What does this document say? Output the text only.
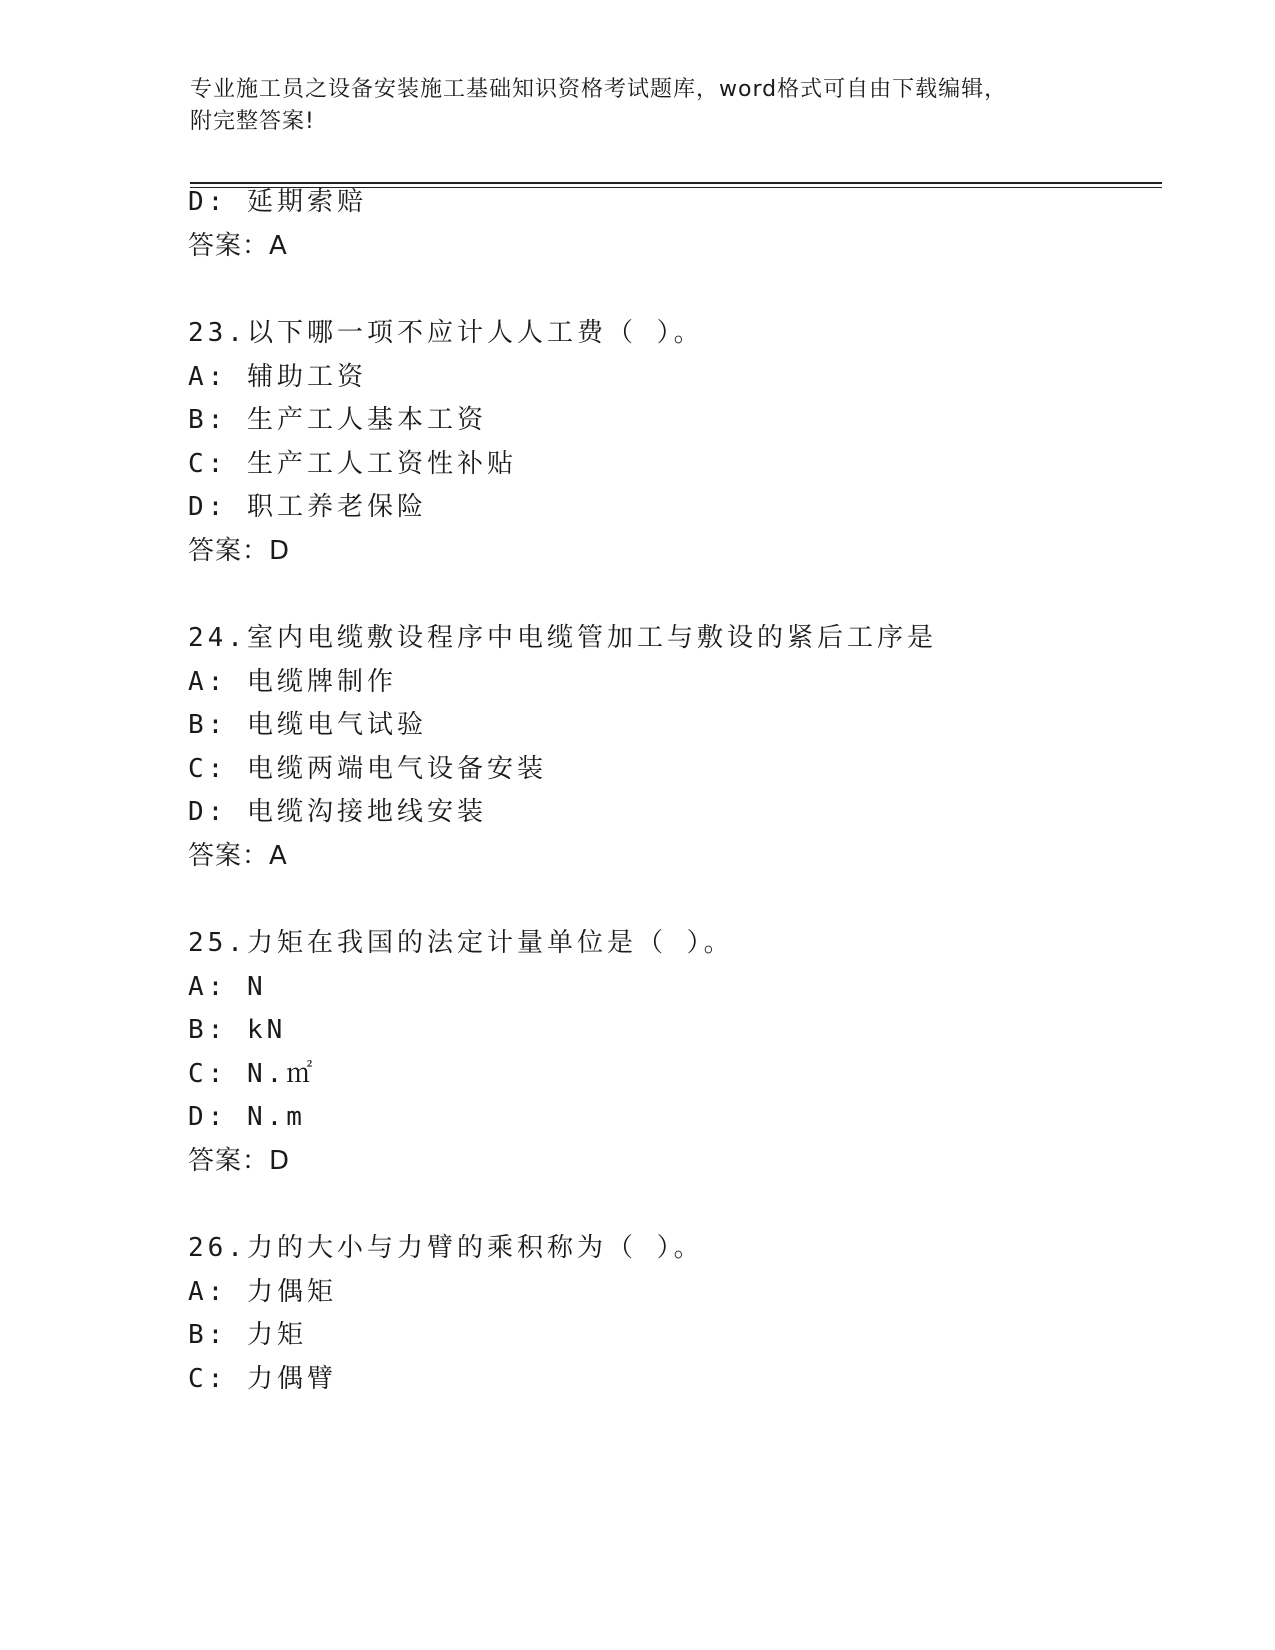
专业施工员之设备安装施工基础知识资格考试题库，word格式可自由下载编辑，
附完整答案!
D: 延期索赔
答案：A
23.以下哪一项不应计人人工费（ ）。
A: 辅助工资
B: 生产工人基本工资
C: 生产工人工资性补贴
D: 职工养老保险
答案：D
24.室内电缆敷设程序中电缆管加工与敷设的紧后工序是
A: 电缆牌制作
B: 电缆电气试验
C: 电缆两端电气设备安装
D: 电缆沟接地线安装
答案：A
25.力矩在我国的法定计量单位是（ ）。
A: N
B: kN
C: N.㎡
D: N.m
答案：D
26.力的大小与力臂的乘积称为（ ）。
A: 力偶矩
B: 力矩
C: 力偶臂
